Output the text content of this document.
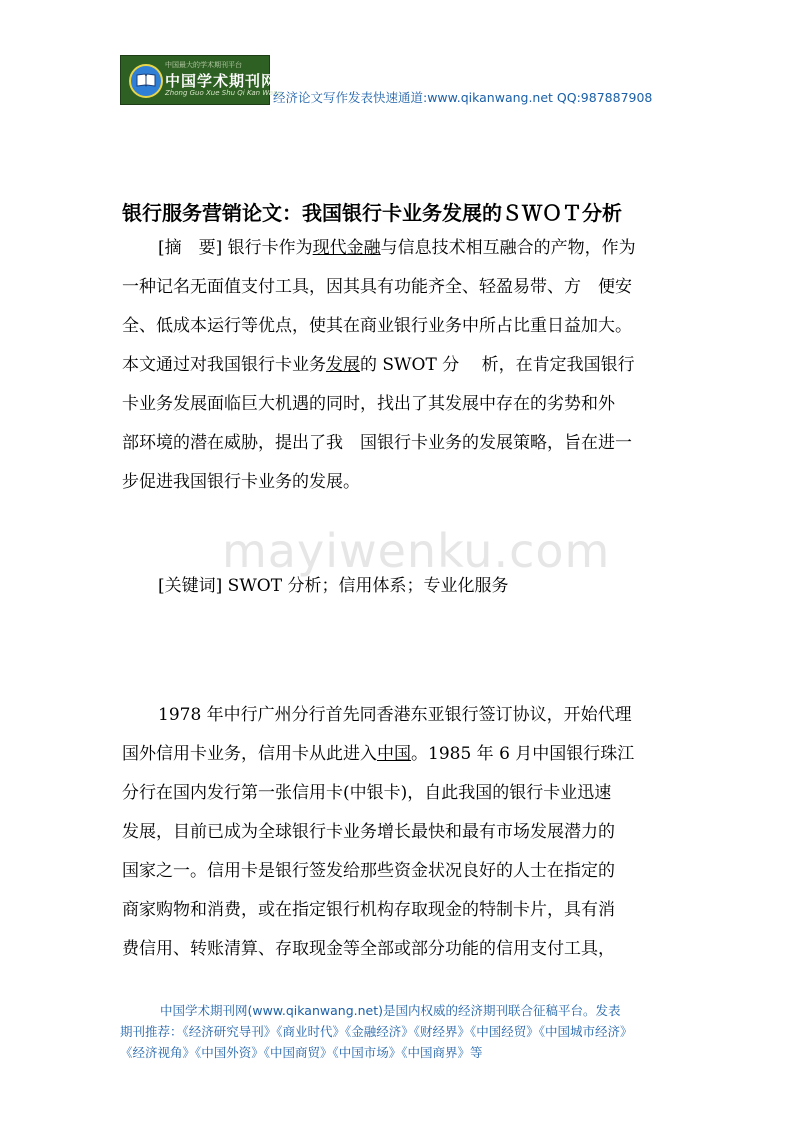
中国最大的学术期刊平台
中国学术期刊网
Zhong Guo Xue Shu Qi Kan Wang
经济论文写作发表快速通道:www.qikanwang.net QQ:987887908
银行服务营销论文：我国银行卡业务发展的ＳＷＯＴ分析
[摘　要] 银行卡作为现代金融与信息技术相互融合的产物，作为
一种记名无面值支付工具，因其具有功能齐全、轻盈易带、方　便安
全、低成本运行等优点，使其在商业银行业务中所占比重日益加大。
本文通过对我国银行卡业务发展的 SWOT 分　 析，在肯定我国银行
卡业务发展面临巨大机遇的同时，找出了其发展中存在的劣势和外
部环境的潜在威胁，提出了我　国银行卡业务的发展策略，旨在进一
步促进我国银行卡业务的发展。
mayiwenku.com
[关键词] SWOT 分析；信用体系；专业化服务
1978 年中行广州分行首先同香港东亚银行签订协议，开始代理
国外信用卡业务，信用卡从此进入中国。1985 年 6 月中国银行珠江
分行在国内发行第一张信用卡(中银卡)，自此我国的银行卡业迅速
发展，目前已成为全球银行卡业务增长最快和最有市场发展潜力的
国家之一。信用卡是银行签发给那些资金状况良好的人士在指定的
商家购物和消费，或在指定银行机构存取现金的特制卡片，具有消
费信用、转账清算、存取现金等全部或部分功能的信用支付工具，
中国学术期刊网(www.qikanwang.net)是国内权威的经济期刊联合征稿平台。发表
期刊推荐：《经济研究导刊》《商业时代》《金融经济》《财经界》《中国经贸》《中国城市经济》
《经济视角》《中国外资》《中国商贸》《中国市场》《中国商界》等
